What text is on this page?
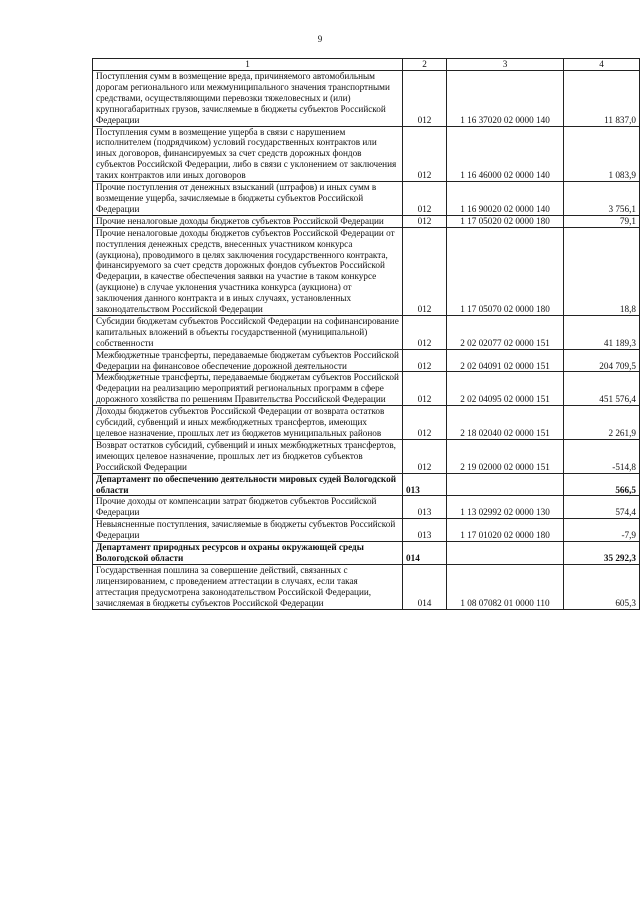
9
1	2	3	4
Поступления сумм в возмещение вреда, причиняемого автомобильным дорогам регионального или межмуниципального значения транспортными средствами, осуществляющими перевозки тяжеловесных и (или) крупногабаритных грузов, зачисляемые в бюджеты субъектов Российской Федерации	012	1 16 37020 02 0000 140	11 837,0
Поступления сумм в возмещение ущерба в связи с нарушением исполнителем (подрядчиком) условий государственных контрактов или иных договоров, финансируемых за счет средств дорожных фондов субъектов Российской Федерации, либо в связи с уклонением от заключения таких контрактов или иных договоров	012	1 16 46000 02 0000 140	1 083,9
Прочие поступления от денежных взысканий (штрафов) и иных сумм в возмещение ущерба, зачисляемые в бюджеты субъектов Российской Федерации	012	1 16 90020 02 0000 140	3 756,1
Прочие неналоговые доходы бюджетов субъектов Российской Федерации	012	1 17 05020 02 0000 180	79,1
Прочие неналоговые доходы бюджетов субъектов Российской Федерации от поступления денежных средств, внесенных участником конкурса (аукциона), проводимого в целях заключения государственного контракта, финансируемого за счет средств дорожных фондов субъектов Российской Федерации, в качестве обеспечения заявки на участие в таком конкурсе (аукционе) в случае уклонения участника конкурса (аукциона) от заключения данного контракта и в иных случаях, установленных законодательством Российской Федерации	012	1 17 05070 02 0000 180	18,8
Субсидии бюджетам субъектов Российской Федерации на софинансирование капитальных вложений в объекты государственной (муниципальной) собственности	012	2 02 02077 02 0000 151	41 189,3
Межбюджетные трансферты, передаваемые бюджетам субъектов Российской Федерации на финансовое обеспечение дорожной деятельности	012	2 02 04091 02 0000 151	204 709,5
Межбюджетные трансферты, передаваемые бюджетам субъектов Российской Федерации на реализацию мероприятий региональных программ в сфере дорожного хозяйства по решениям Правительства Российской Федерации	012	2 02 04095 02 0000 151	451 576,4
Доходы бюджетов субъектов Российской Федерации от возврата остатков субсидий, субвенций и иных межбюджетных трансфертов, имеющих целевое назначение, прошлых лет из бюджетов муниципальных районов	012	2 18 02040 02 0000 151	2 261,9
Возврат остатков субсидий, субвенций и иных межбюджетных трансфертов, имеющих целевое назначение, прошлых лет из бюджетов субъектов Российской Федерации	012	2 19 02000 02 0000 151	-514,8
Департамент по обеспечению деятельности мировых судей Вологодской области	013		566,5
Прочие доходы от компенсации затрат бюджетов субъектов Российской Федерации	013	1 13 02992 02 0000 130	574,4
Невыясненные поступления, зачисляемые в бюджеты субъектов Российской Федерации	013	1 17 01020 02 0000 180	-7,9
Департамент природных ресурсов и охраны окружающей среды Вологодской области	014		35 292,3
Государственная пошлина за совершение действий, связанных с лицензированием, с проведением аттестации в случаях, если такая аттестация предусмотрена законодательством Российской Федерации, зачисляемая в бюджеты субъектов Российской Федерации	014	1 08 07082 01 0000 110	605,3
